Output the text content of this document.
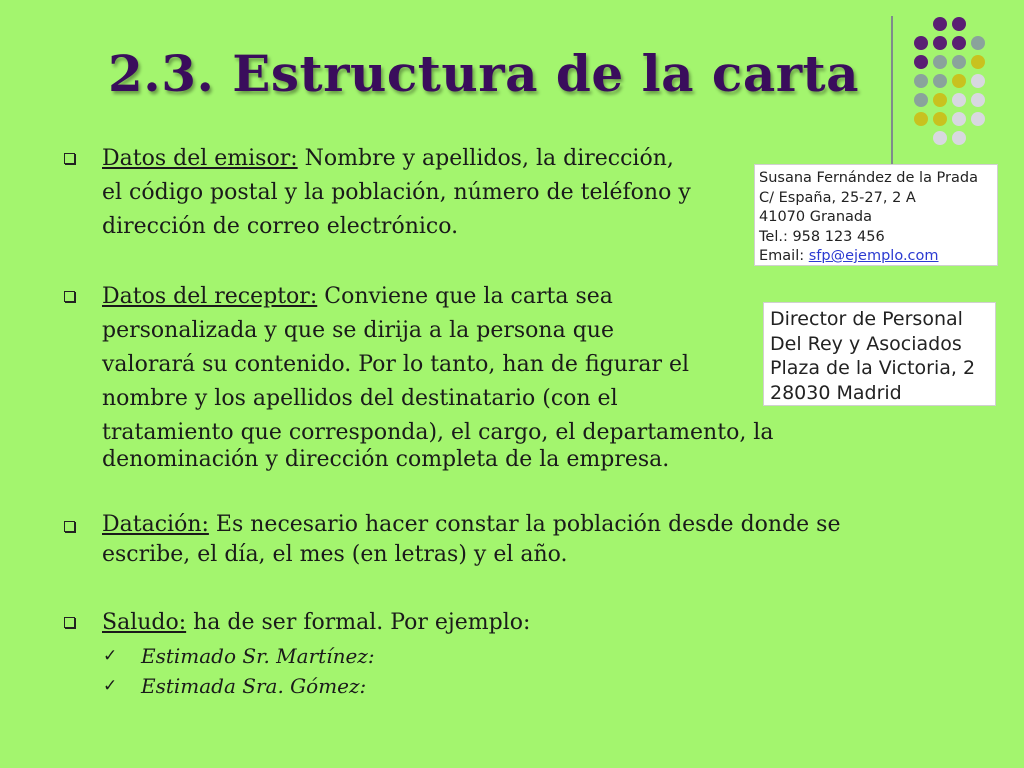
2.3. Estructura de la carta
Datos del emisor: Nombre y apellidos, la dirección,
el código postal y la población, número de teléfono y
dirección de correo electrónico.
Datos del receptor: Conviene que la carta sea
personalizada y que se dirija a la persona que
valorará su contenido. Por lo tanto, han de figurar el
nombre y los apellidos del destinatario (con el
tratamiento que corresponda), el cargo, el departamento, la
denominación y dirección completa de la empresa.
Datación: Es necesario hacer constar la población desde donde se
escribe, el día, el mes (en letras) y el año.
Saludo: ha de ser formal. Por ejemplo:
✓ Estimado Sr. Martínez:
✓ Estimada Sra. Gómez:
Susana Fernández de la Prada
C/ España, 25-27, 2 A
41070 Granada
Tel.: 958 123 456
Email: sfp@ejemplo.com
Director de Personal
Del Rey y Asociados
Plaza de la Victoria, 2
28030 Madrid
